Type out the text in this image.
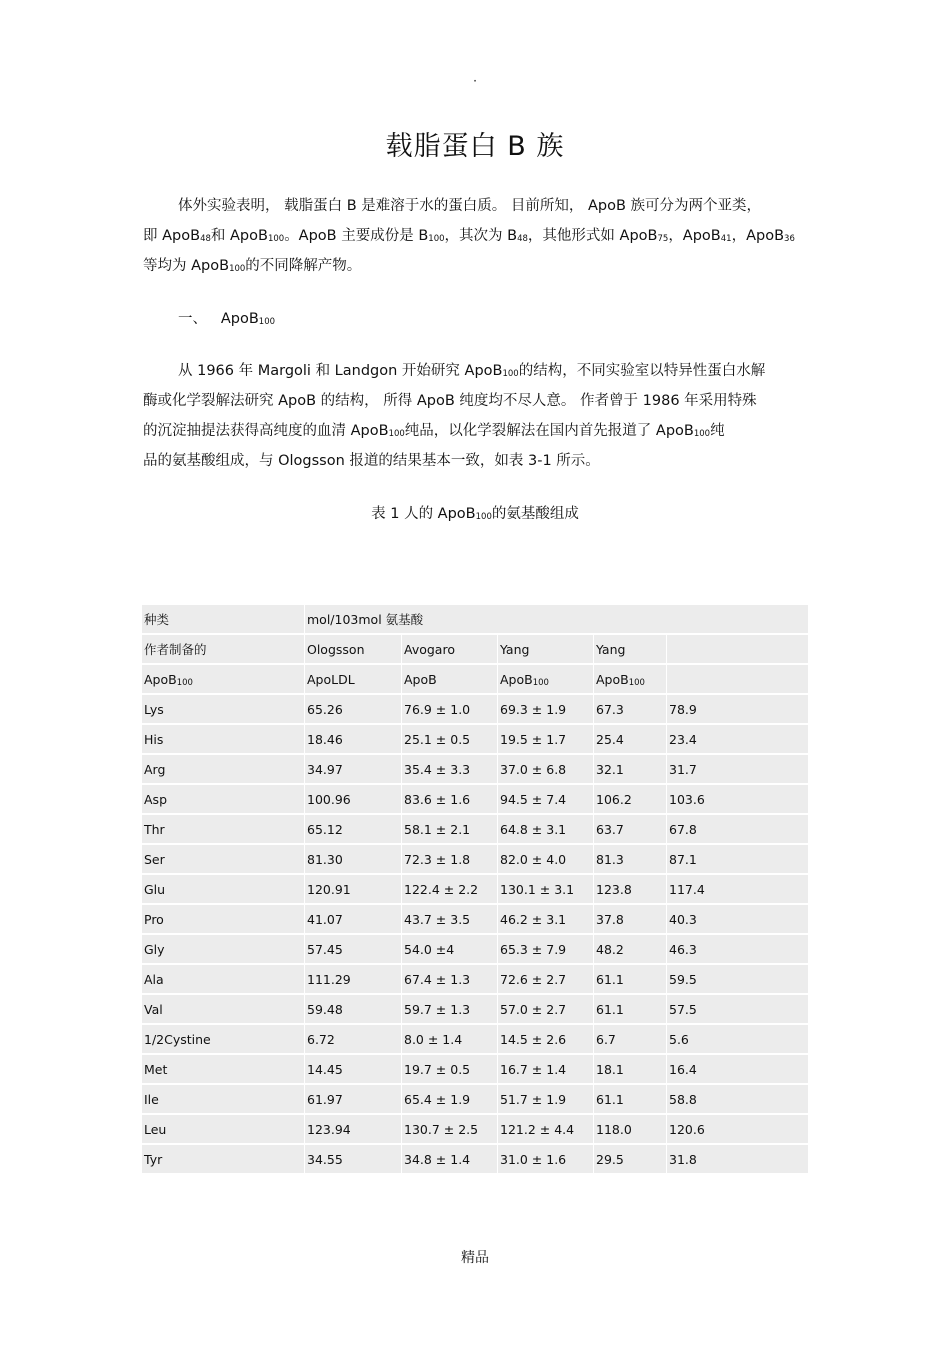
·
载脂蛋白 B 族
体外实验表明， 载脂蛋白 B 是难溶于水的蛋白质。 目前所知， ApoB 族可分为两个亚类，
即 ApoB$_{48}$和 ApoB$_{100}$。ApoB 主要成份是 $B_{100}$，其次为 $B_{48}$，其他形式如 ApoB$_{75}$，ApoB$_{41}$，ApoB$_{36}$
等均为 ApoB$_{100}$的不同降解产物。
一、 ApoB$_{100}$
从 1966 年 Margoli 和 Landgon 开始研究 ApoB$_{100}$的结构，不同实验室以特异性蛋白水解
酶或化学裂解法研究 ApoB 的结构， 所得 ApoB 纯度均不尽人意。 作者曾于 1986 年采用特殊
的沉淀抽提法获得高纯度的血清 ApoB$_{100}$纯品，以化学裂解法在国内首先报道了 ApoB$_{100}$纯
品的氨基酸组成，与 Ologsson 报道的结果基本一致，如表 3-1 所示。
表 1 人的 ApoB$_{100}$的氨基酸组成
种类	mol/103mol 氨基酸				
作者制备的	Ologsson	Avogaro	Yang	Yang	
ApoB$_{100}$	ApoLDL	ApoB	ApoB$_{100}$	ApoB$_{100}$	
Lys	65.26	76.9 ± 1.0	69.3 ± 1.9	67.3	78.9
His	18.46	25.1 ± 0.5	19.5 ± 1.7	25.4	23.4
Arg	34.97	35.4 ± 3.3	37.0 ± 6.8	32.1	31.7
Asp	100.96	83.6 ± 1.6	94.5 ± 7.4	106.2	103.6
Thr	65.12	58.1 ± 2.1	64.8 ± 3.1	63.7	67.8
Ser	81.30	72.3 ± 1.8	82.0 ± 4.0	81.3	87.1
Glu	120.91	122.4 ± 2.2	130.1 ± 3.1	123.8	117.4
Pro	41.07	43.7 ± 3.5	46.2 ± 3.1	37.8	40.3
Gly	57.45	54.0 ±4	65.3 ± 7.9	48.2	46.3
Ala	111.29	67.4 ± 1.3	72.6 ± 2.7	61.1	59.5
Val	59.48	59.7 ± 1.3	57.0 ± 2.7	61.1	57.5
1/2Cystine	6.72	8.0 ± 1.4	14.5 ± 2.6	6.7	5.6
Met	14.45	19.7 ± 0.5	16.7 ± 1.4	18.1	16.4
Ile	61.97	65.4 ± 1.9	51.7 ± 1.9	61.1	58.8
Leu	123.94	130.7 ± 2.5	121.2 ± 4.4	118.0	120.6
Tyr	34.55	34.8 ± 1.4	31.0 ± 1.6	29.5	31.8
精品
